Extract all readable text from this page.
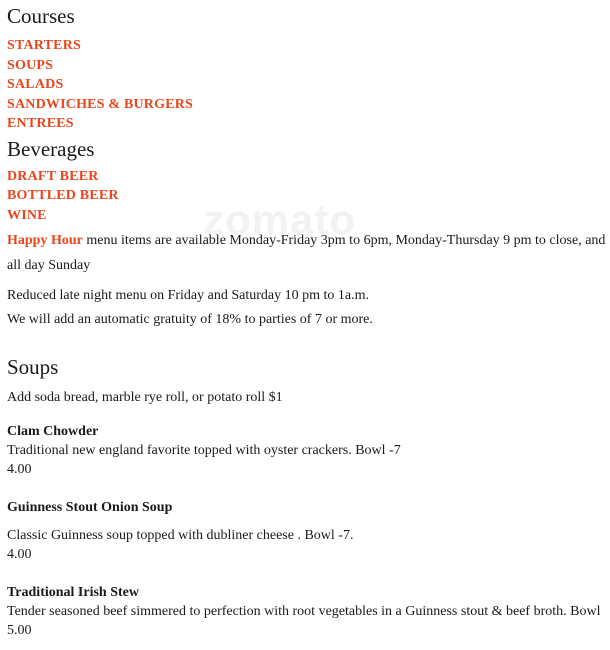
zomato
Courses
STARTERS
SOUPS
SALADS
SANDWICHES & BURGERS
ENTREES
Beverages
DRAFT BEER
BOTTLED BEER
WINE

Happy Hour menu items are available Monday-Friday 3pm to 6pm, Monday-Thursday 9 pm to close, and

all day Sunday

Reduced late night menu on Friday and Saturday 10 pm to 1a.m.

We will add an automatic gratuity of 18% to parties of 7 or more.

Soups

Add soda bread, marble rye roll, or potato roll $1

Clam Chowder

Traditional new england favorite topped with oyster crackers. Bowl -7

4.00

Guinness Stout Onion Soup

Classic Guinness soup topped with dubliner cheese . Bowl -7.

4.00

Traditional Irish Stew

Tender seasoned beef simmered to perfection with root vegetables in a Guinness stout & beef broth. Bowl

5.00
